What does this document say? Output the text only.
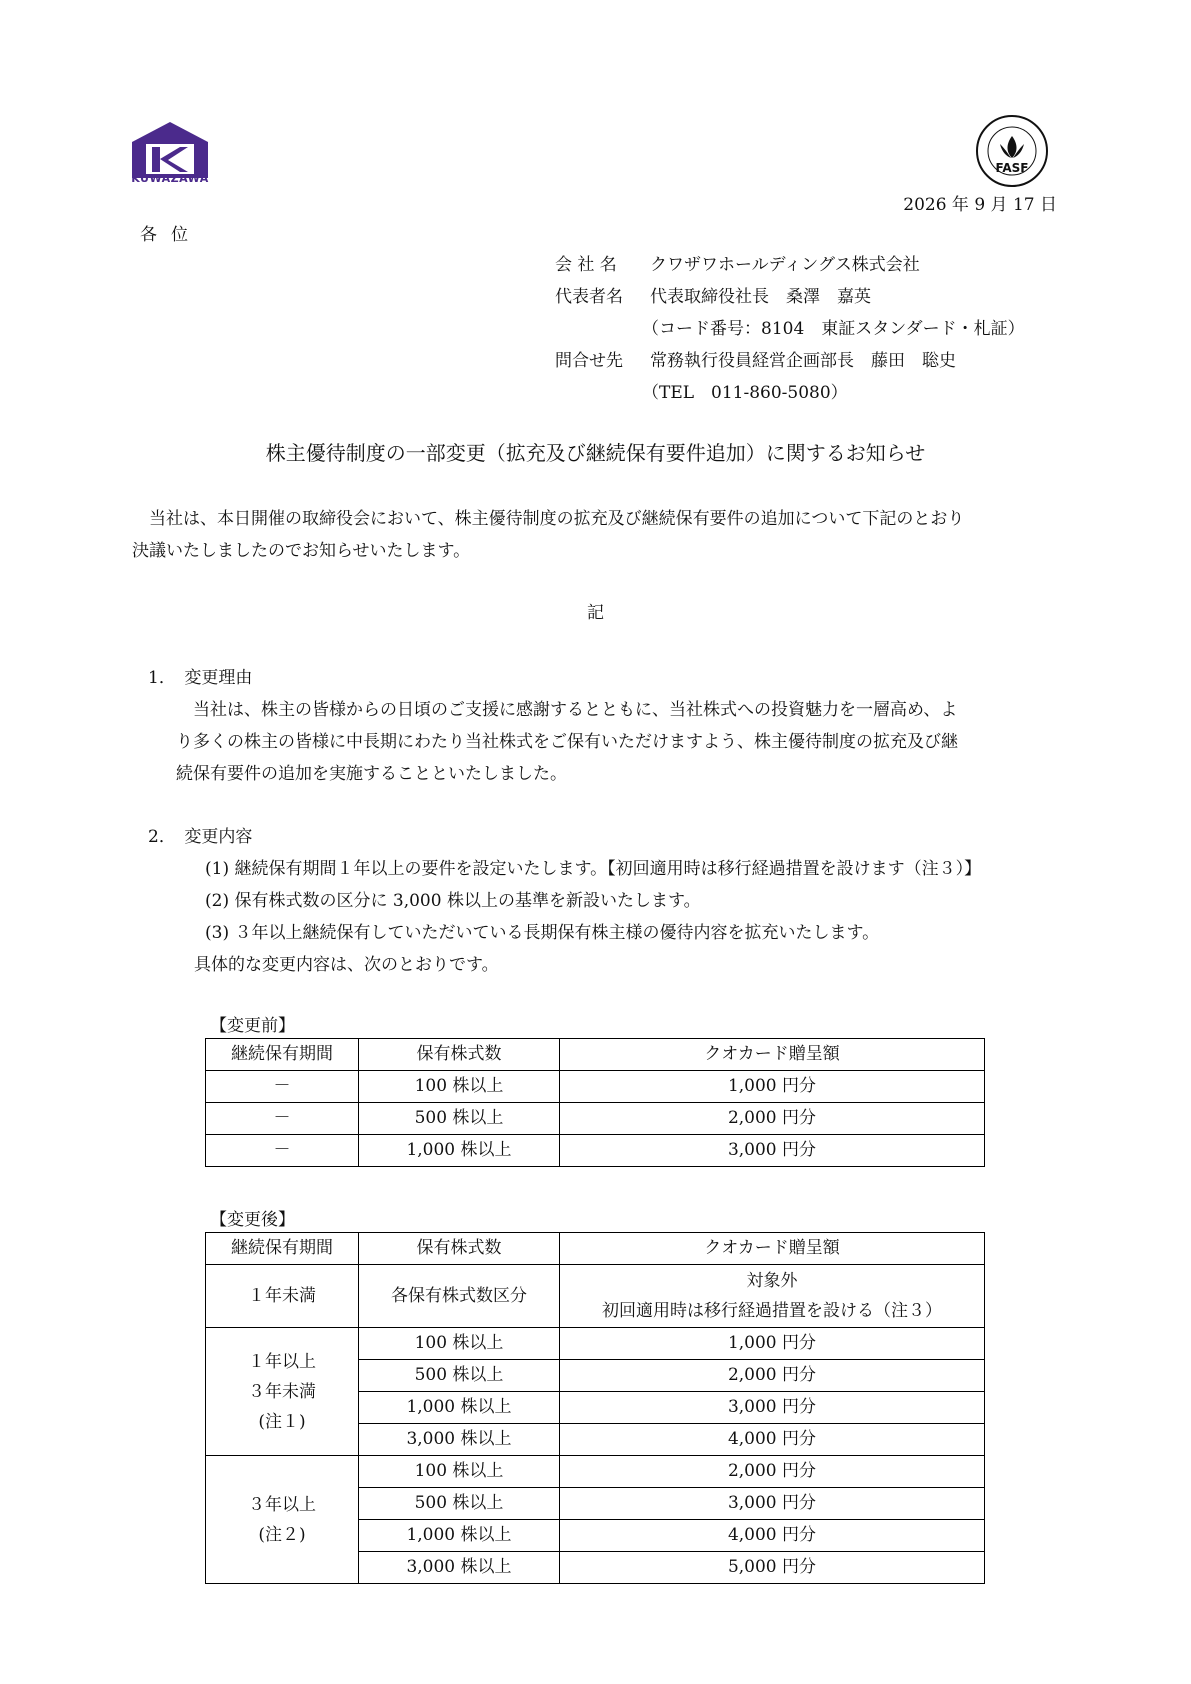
KUWAZAWA
FASF
2026 年 9 月 17 日
各位
会 社 名 クワザワホールディングス株式会社
代表者名 代表取締役社長　桑澤　嘉英
（コード番号：8104　東証スタンダード・札証）
問合せ先 常務執行役員経営企画部長　藤田　聡史
（TEL　011-860-5080）
株主優待制度の一部変更（拡充及び継続保有要件追加）に関するお知らせ
　当社は、本日開催の取締役会において、株主優待制度の拡充及び継続保有要件の追加について下記のとおり
決議いたしましたのでお知らせいたします。
記
1．　変更理由
　当社は、株主の皆様からの日頃のご支援に感謝するとともに、当社株式への投資魅力を一層高め、よ
り多くの株主の皆様に中長期にわたり当社株式をご保有いただけますよう、株主優待制度の拡充及び継
続保有要件の追加を実施することといたしました。
2．　変更内容
(1) 継続保有期間１年以上の要件を設定いたします。【初回適用時は移行経過措置を設けます（注３）】
(2) 保有株式数の区分に 3,000 株以上の基準を新設いたします。
(3) ３年以上継続保有していただいている長期保有株主様の優待内容を拡充いたします。
具体的な変更内容は、次のとおりです。
【変更前】
継続保有期間	保有株式数	クオカード贈呈額
－	100 株以上	1,000 円分
－	500 株以上	2,000 円分
－	1,000 株以上	3,000 円分
【変更後】
継続保有期間	保有株式数	クオカード贈呈額
１年未満	各保有株式数区分	対象外
初回適用時は移行経過措置を設ける（注３）

１年以上
３年未満
(注１)	100 株以上	1,000 円分
	500 株以上	2,000 円分
	1,000 株以上	3,000 円分
	3,000 株以上	4,000 円分

３年以上
(注２)	100 株以上	2,000 円分
	500 株以上	3,000 円分
	1,000 株以上	4,000 円分
	3,000 株以上	5,000 円分
